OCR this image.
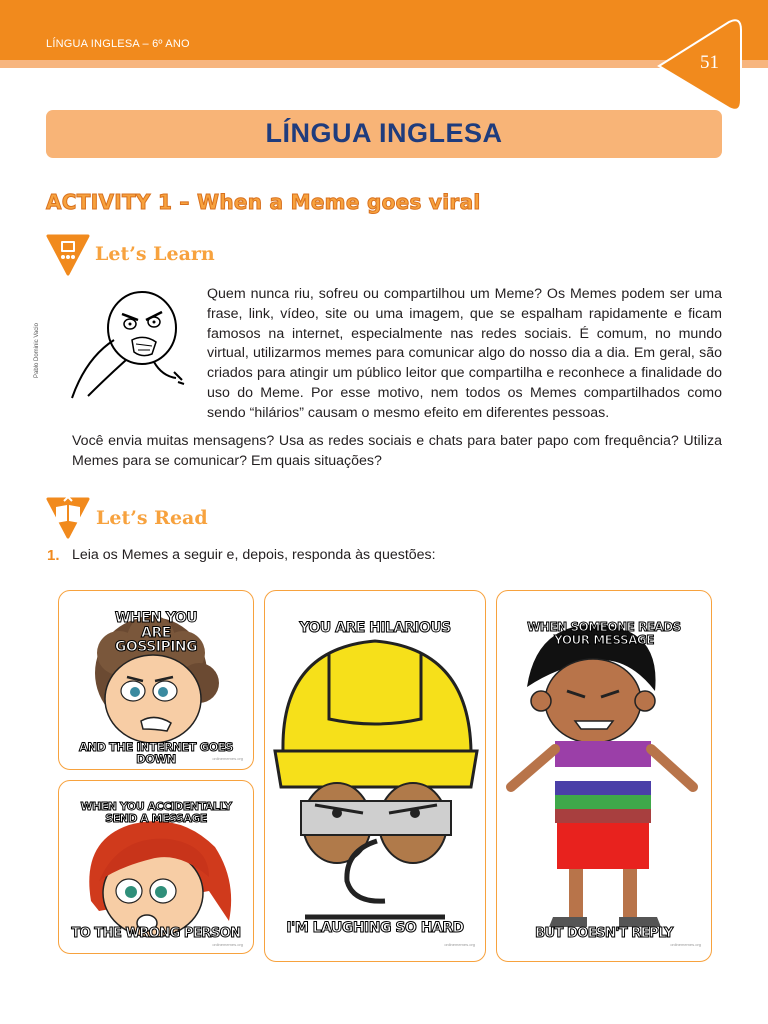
LÍNGUA INGLESA – 6º ANO
51
LÍNGUA INGLESA
ACTIVITY 1 – When a Meme goes viral
Let’s Learn
Pablo Dominic Vacio

Quem nunca riu, sofreu ou compartilhou um Meme? Os Memes podem ser uma frase, link, vídeo, site ou uma imagem, que se espalham rapidamente e ficam famosos na internet, especialmente nas redes sociais. É comum, no mundo virtual, utilizarmos memes para comunicar algo do nosso dia a dia. Em geral, são criados para atingir um público leitor que compartilha e reconhece a finalidade do uso do Meme. Por esse motivo, nem todos os Memes compartilhados como sendo “hilários” causam o mesmo efeito em diferentes pessoas.

Você envia muitas mensagens? Usa as redes sociais e chats para bater papo com frequência? Utiliza Memes para se comunicar? Em quais situações?

Let’s Read
1. Leia os Memes a seguir e, depois, responda às questões:
WHEN YOU ARE GOSSIPING
AND THE INTERNET GOES DOWN	onlinememes.org
WHEN YOU ACCIDENTALLY SEND A MESSAGE
TO THE WRONG PERSON
onlinememes.org
YOU ARE HILARIOUS
I'M LAUGHING SO HARD
onlinememes.org
WHEN SOMEONE READS YOUR MESSAGE
BUT DOESN'T REPLY
onlinememes.org
